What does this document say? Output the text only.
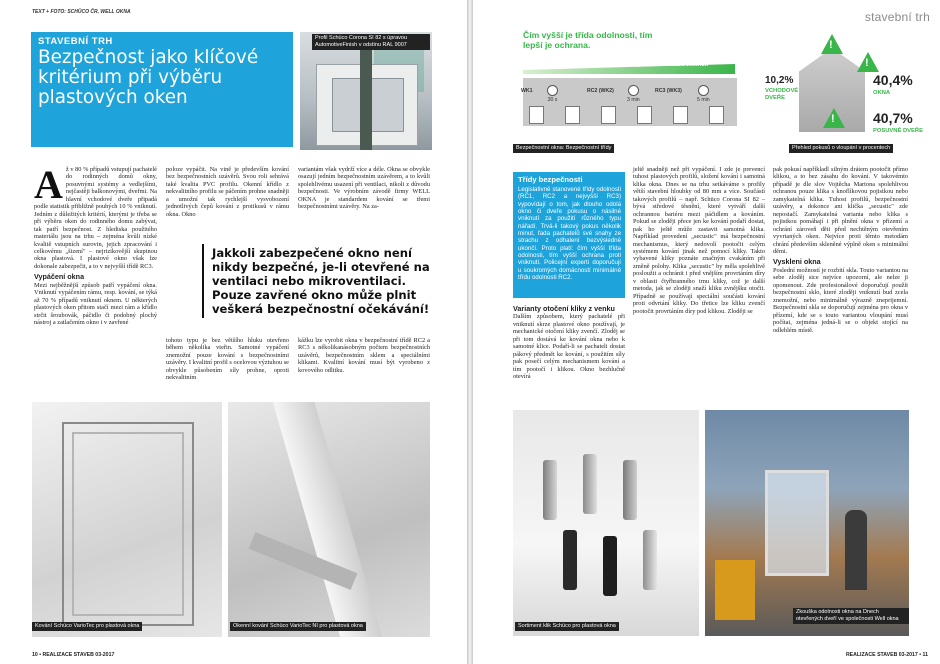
TEXT + FOTO: SCHÜCO ČR, WELL OKNA
STAVEBNÍ TRH
Bezpečnost jako klíčové kritérium při výběru plastových oken
Profil Schüco Corona SI 82 s úpravou AutomotiveFinish v odstínu RAL 9007
Až v 80 % případů vstupují pachatelé do rodinných domů okny, posuvnými systémy a vedlejšími, nejčastěji balkonovými, dveřmi. Na hlavní vchodové dveře připadá podle statistik přibližně pouhých 10 % vniknutí. Jedním z důležitých kritérií, kterými je třeba se při výběru oken do rodinného domu zabývat, tak patří bezpečnost. Z hlediska použitého materiálu jsou na trhu – zejména kvůli nízké kvalitě vstupních surovin, jejich zpracování i celkovému „šizení" – nejrizikovější skupinou okna plastová. I plastové okno však lze dokonale zabezpečit, a to v nejvyšší třídě RC3.
Vypáčení okna
Mezi nejběžnější způsob patří vypáčení okna. Vniknutí vypáčením rámu, resp. kování, se týká až 70 % případů vniknutí oknem. U některých plastových oken přitom stačí mezi rám a křídlo strčit šroubovák, páčidlo či podobný plochý nástroj a zatlačením okno i v zavřené
poloze vypáčit. Na vině je především kování bez bezpečnostních uzávěrů. Svou roli sehrává také kvalita PVC profilu. Okenní křídlo z nekvalitního profilu se páčením prohne snadněji a umožní tak rychlejší vysvobození jednotlivých čepů kování z protikusů v rámu okna. Okno
variantám však vydrží více a déle. Okna se obvykle osazují jedním bezpečnostním uzávěrem, a to kvůli spolehlivému usazení při ventilaci, nikoli z důvodu bezpečnosti. Ve výrobním závodě firmy WELL OKNA je standardem kování se třemi bezpečnostními uzávěry. Na za-
Jakkoli zabezpečené okno není nikdy bezpečné, je-li otevřené na ventilaci nebo mikroventilaci. Pouze zavřené okno může plnit veškerá bezpečnostní očekávání!
tohoto typu je bez většího hluku otevřeno během několika vteřin. Samotné vypáčení znemožní pouze kování s bezpečnostními uzávěry. I kvalitní profil s ocelovou výztuhou se obvykle působením síly prohne, oproti nekvalitním
kážku lze vyrobit okna v bezpečnostní třídě RC2 a RC3 s několikanásobným počtem bezpečnostních uzávěrů, bezpečnostním sklem a speciálními klikami. Kvalitní kování musí být vyrobeno z kovového odlitku.
Kování Schüco VarioTec pro plastová okna	Okenní kování Schüco VarioTec NI pro plastová okna
10 • REALIZACE STAVEB 03-2017
stavební trh
Čím vyšší je třída odolnosti, tím lepší je ochrana.
Narůstající doba odolání vniknutí
WK1
30 s
RC2 (WK2)
3 min
RC3 (WK3)
5 min
Bezpečnostní okna: Bezpečnostní třídy
!
!
!
10,2%
VCHODOVÉ DVEŘE
40,4%
OKNA
40,7%
POSUVNÉ DVEŘE
Přehled pokusů o vloupání v procentech
Třídy bezpečnosti

Legislativně stanovené třídy odolnosti (RC1, RC2 a nejvyšší RC3) vypovídají o tom, jak dlouho odolá okno či dveře pokusu o násilné vniknutí za použití různého typu nářadí. Trvá-li takový pokus několik minut, řada pachatelů své snahy ze strachu z odhalení bezvýsledně ukončí. Proto platí: čím vyšší třída odolnosti, tím vyšší ochrana proti vniknutí. Policejní experti doporučují u soukromých domácností minimálně třídu odolnosti RC2.

Varianty otočení kliky z venku
Dalším způsobem, který pachatelé při vniknutí skrze plastové okno používají, je mechanické otočení kliky zvenčí. Zloděj se při tom dostává ke kování okna nebo k samotné klice. Podaří-li se pachateli dostat pákový předmět ke kování, s použitím síly pak posečí celým mechanismem kování a tím pootočí i klikou. Okno bezhlučně otevírá
jeltě snadněji než při vypáčení. I zde je prevencí tuhost plastových profilů, složení kování i samotná klika okna. Dnes se na trhu setkáváme s profily větší stavební hloubky od 80 mm a více. Součástí takových profilů – např. Schüco Corona SI 82 – bývá středové těsnění, které vytváří další ochrannou bariéru mezi páčidlem a kováním. Pokud se zloději přece jen ke kování podaří dostat, pak ho ještě může zastavit samotná klika. Například provedení „secustic" má bezpečnostní mechanismus, který nedovolí pootočit celým systémem kování jinak než pomocí kliky. Takto vybavené kliky poznáte značným cvakáním při změně polohy. Klika „secustic" by měla spolehlivě posloužit a ochránit i před vnějším provrtáním díry v oblasti čtyřhranného trnu kliky, což je další metoda, jak se zloději snaží kliku zvnějšku otočit. Případně se používají speciální součásti kování proti odvrtání kliky. Do třetice lze kliku zvenčí pootočit provrtáním díry pod klikou. Zloději se
pak pokusí napříkladl silným drátem pootočit přímo klikou, a to bez zásahu do kování. V takovémto případě je dle slov Vojtěcha Martona spolehlivou ochranou pouze klika s knoflíkovou pojistkou nebo zamykatelná klika. Tuhost profilů, bezpečnostní uzávěry, a dokonce ani klička „secustic" zde nepostačí. Zamykatelná varianta nebo klika s pojistkou pomáhají i při plnění okna v přízemí a ochrání zároveň děti před nechtěným otevřením vyvrtaných oken. Nejvíce proti těmto metodám chrání především skleněné výplně oken s minimální děmi.
Vyskleni okna
Poslední možností je rozbití skla. Touto variantou na sebe zloděj sice nejvíce upozorní, ale nelze ji opomenout. Zde profesionálové doporučují použít bezpečnostní sklo, které zloději vniknutí bud zcela znemožní, nebo minimálně výrazně zneprijemní. Bezpečnostní skla se doporučují zejména pro okna v přízemí, kde se s touto variantou vloupání musí počítat, zejména jedná-li se o objekt stojící na odlehlém místě.
Sortiment klik Schüco pro plastová okna
Zkouška odolnosti okna na Dnech otevřených dveří ve společnosti Well okna
REALIZACE STAVEB 03-2017 • 11
